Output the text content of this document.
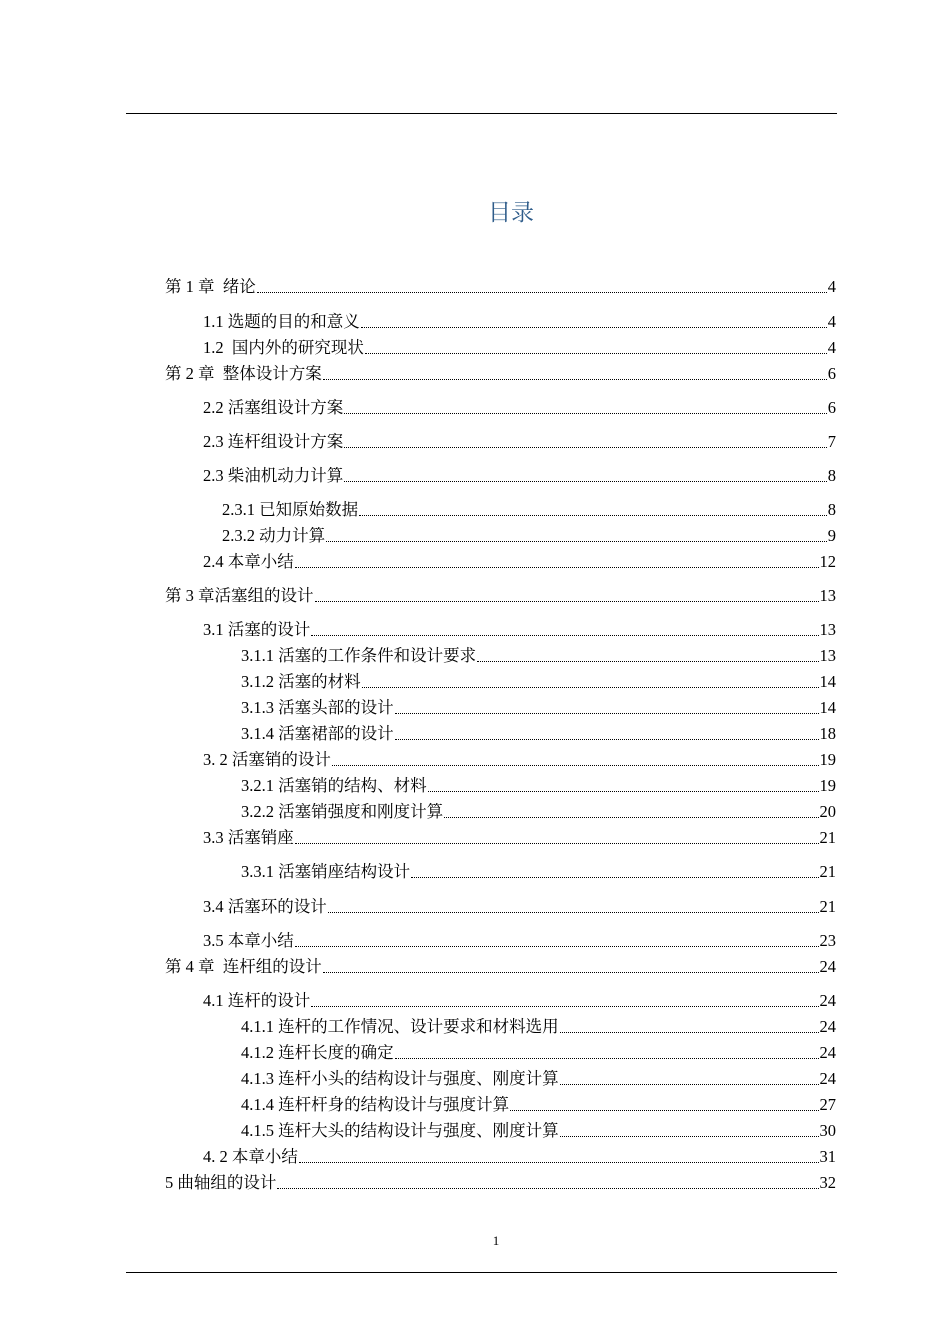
目录
第 1 章  绪论	4
1.1 选题的目的和意义	4
1.2  国内外的研究现状	4
第 2 章  整体设计方案	6
2.2 活塞组设计方案	6
2.3 连杆组设计方案	7
2.3 柴油机动力计算	8
2.3.1 已知原始数据	8
2.3.2 动力计算	9
2.4 本章小结	12
第 3 章活塞组的设计	13
3.1 活塞的设计	13
3.1.1 活塞的工作条件和设计要求	13
3.1.2 活塞的材料	14
3.1.3 活塞头部的设计	14
3.1.4 活塞裙部的设计	18
3. 2 活塞销的设计	19
3.2.1 活塞销的结构、材料	19
3.2.2 活塞销强度和刚度计算	20
3.3 活塞销座	21
3.3.1 活塞销座结构设计	21
3.4 活塞环的设计	21
3.5 本章小结	23
第 4 章  连杆组的设计	24
4.1 连杆的设计	24
4.1.1 连杆的工作情况、设计要求和材料选用	24
4.1.2 连杆长度的确定	24
4.1.3 连杆小头的结构设计与强度、刚度计算	24
4.1.4 连杆杆身的结构设计与强度计算	27
4.1.5 连杆大头的结构设计与强度、刚度计算	30
4. 2 本章小结	31
5 曲轴组的设计	32
1
